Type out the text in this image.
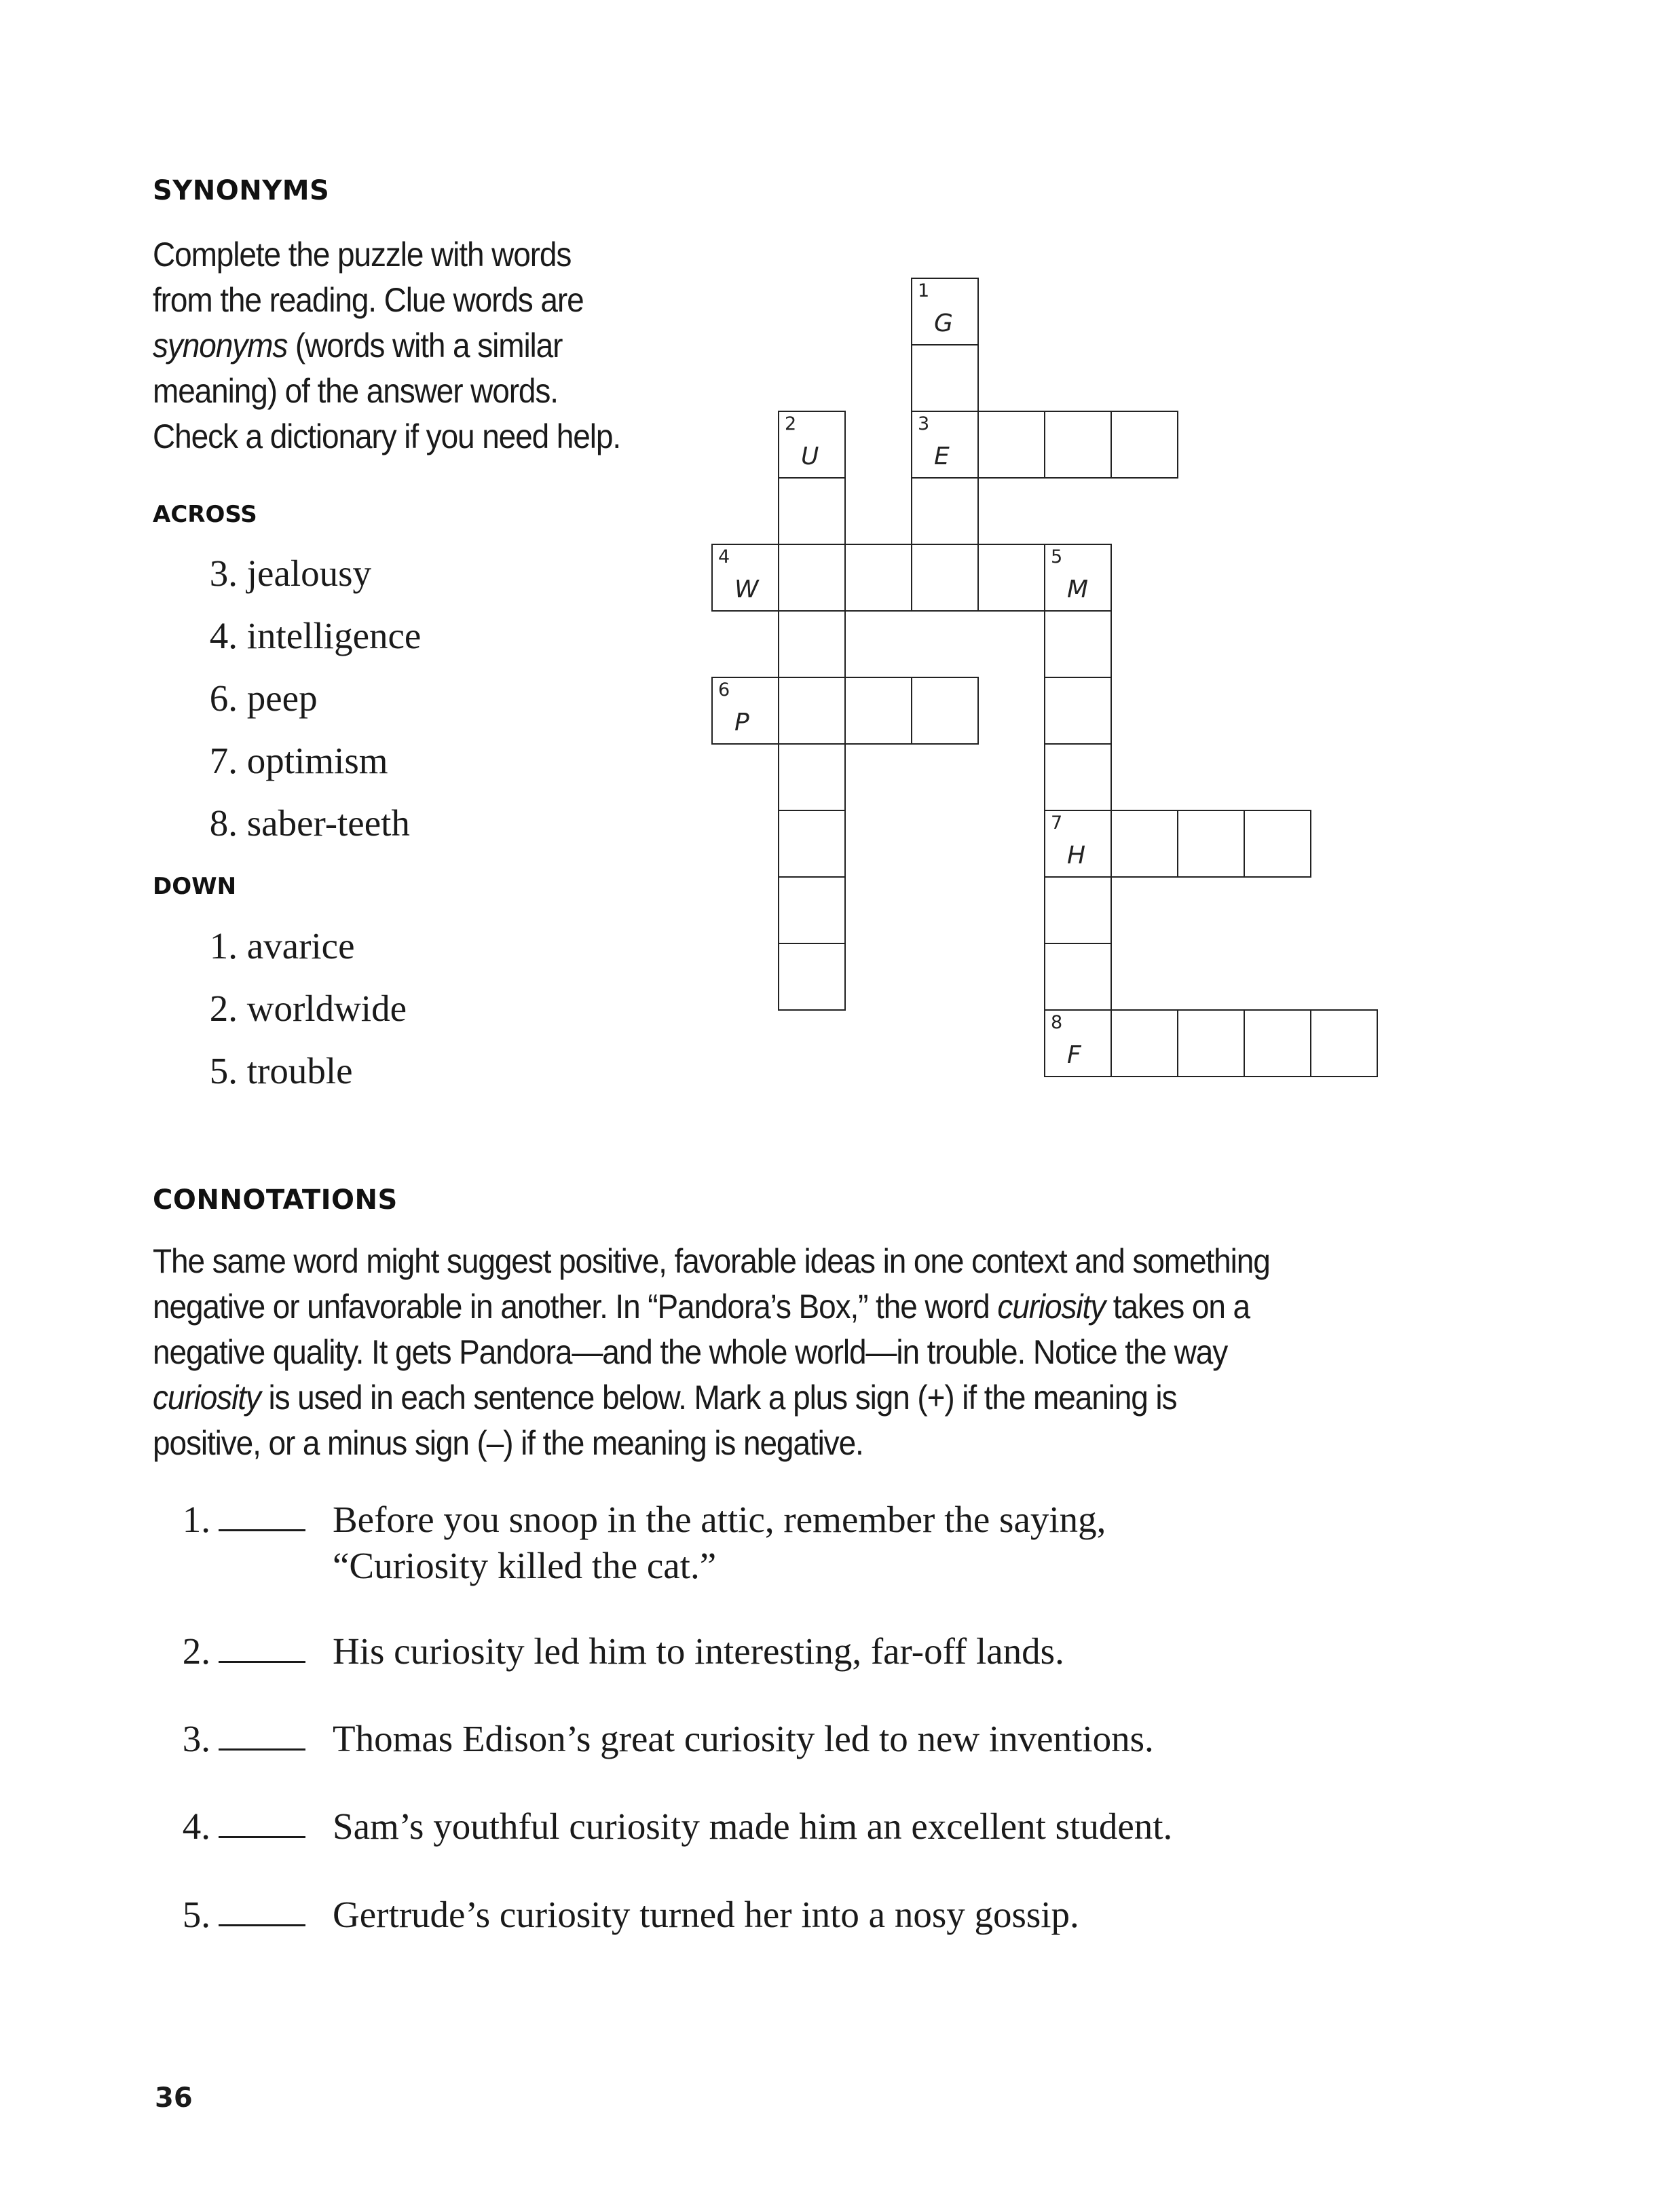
SYNONYMS

Complete the puzzle with words from the reading. Clue words are synonyms (words with a similar meaning) of the answer words. Check a dictionary if you need help.

ACROSS
3.
jealousy
4.
intelligence
6.
peep
7.
optimism
8.
saber-teeth
DOWN
1.
avarice
2.
worldwide
5.
trouble
1
G
2
U
3
E
4
W
5
M
6
P
7
H
8
F
CONNOTATIONS

The same word might suggest positive, favorable ideas in one context and something negative or unfavorable in another. In “Pandora’s Box,” the word curiosity takes on a negative quality. It gets Pandora—and the whole world—in trouble. Notice the way curiosity is used in each sentence below. Mark a plus sign (+) if the meaning is positive, or a minus sign (–) if the meaning is negative.

1.	Before you snoop in the attic, remember the saying,
“Curiosity killed the cat.”
2.	His curiosity led him to interesting, far-off lands.
3.	Thomas Edison’s great curiosity led to new inventions.
4.	Sam’s youthful curiosity made him an excellent student.
5.	Gertrude’s curiosity turned her into a nosy gossip.

36
